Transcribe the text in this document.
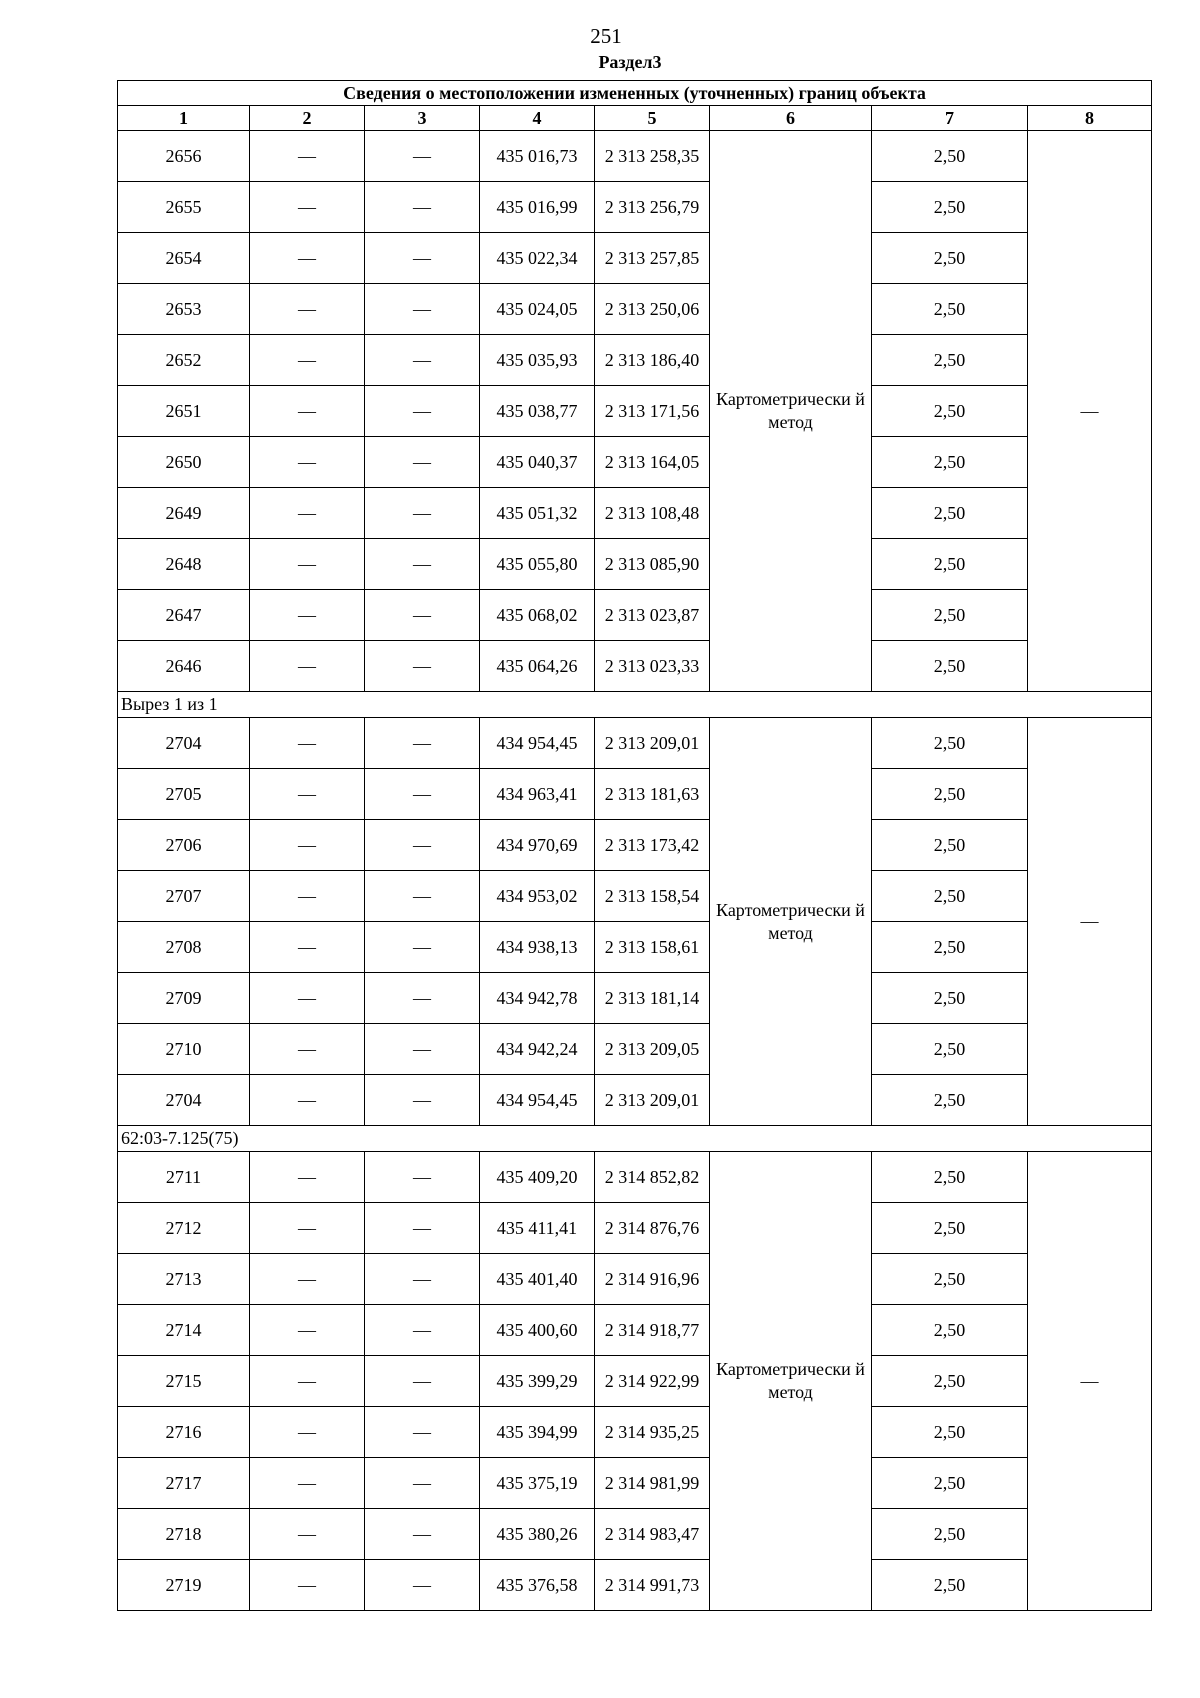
251
Раздел3
Сведения о местоположении измененных (уточненных) границ объекта							
1	2	3	4	5	6	7	8
2656	—	—	435 016,73	2 313 258,35	Картометрически й метод	2,50	—
2655	—	—	435 016,99	2 313 256,79		2,50	
2654	—	—	435 022,34	2 313 257,85		2,50	
2653	—	—	435 024,05	2 313 250,06		2,50	
2652	—	—	435 035,93	2 313 186,40		2,50	
2651	—	—	435 038,77	2 313 171,56		2,50	
2650	—	—	435 040,37	2 313 164,05		2,50	
2649	—	—	435 051,32	2 313 108,48		2,50	
2648	—	—	435 055,80	2 313 085,90		2,50	
2647	—	—	435 068,02	2 313 023,87		2,50	
2646	—	—	435 064,26	2 313 023,33		2,50	
Вырез 1 из 1							
2704	—	—	434 954,45	2 313 209,01	Картометрически й метод	2,50	—
2705	—	—	434 963,41	2 313 181,63		2,50	
2706	—	—	434 970,69	2 313 173,42		2,50	
2707	—	—	434 953,02	2 313 158,54		2,50	
2708	—	—	434 938,13	2 313 158,61		2,50	
2709	—	—	434 942,78	2 313 181,14		2,50	
2710	—	—	434 942,24	2 313 209,05		2,50	
2704	—	—	434 954,45	2 313 209,01		2,50	
62:03-7.125(75)							
2711	—	—	435 409,20	2 314 852,82	Картометрически й метод	2,50	—
2712	—	—	435 411,41	2 314 876,76		2,50	
2713	—	—	435 401,40	2 314 916,96		2,50	
2714	—	—	435 400,60	2 314 918,77		2,50	
2715	—	—	435 399,29	2 314 922,99		2,50	
2716	—	—	435 394,99	2 314 935,25		2,50	
2717	—	—	435 375,19	2 314 981,99		2,50	
2718	—	—	435 380,26	2 314 983,47		2,50	
2719	—	—	435 376,58	2 314 991,73		2,50	
